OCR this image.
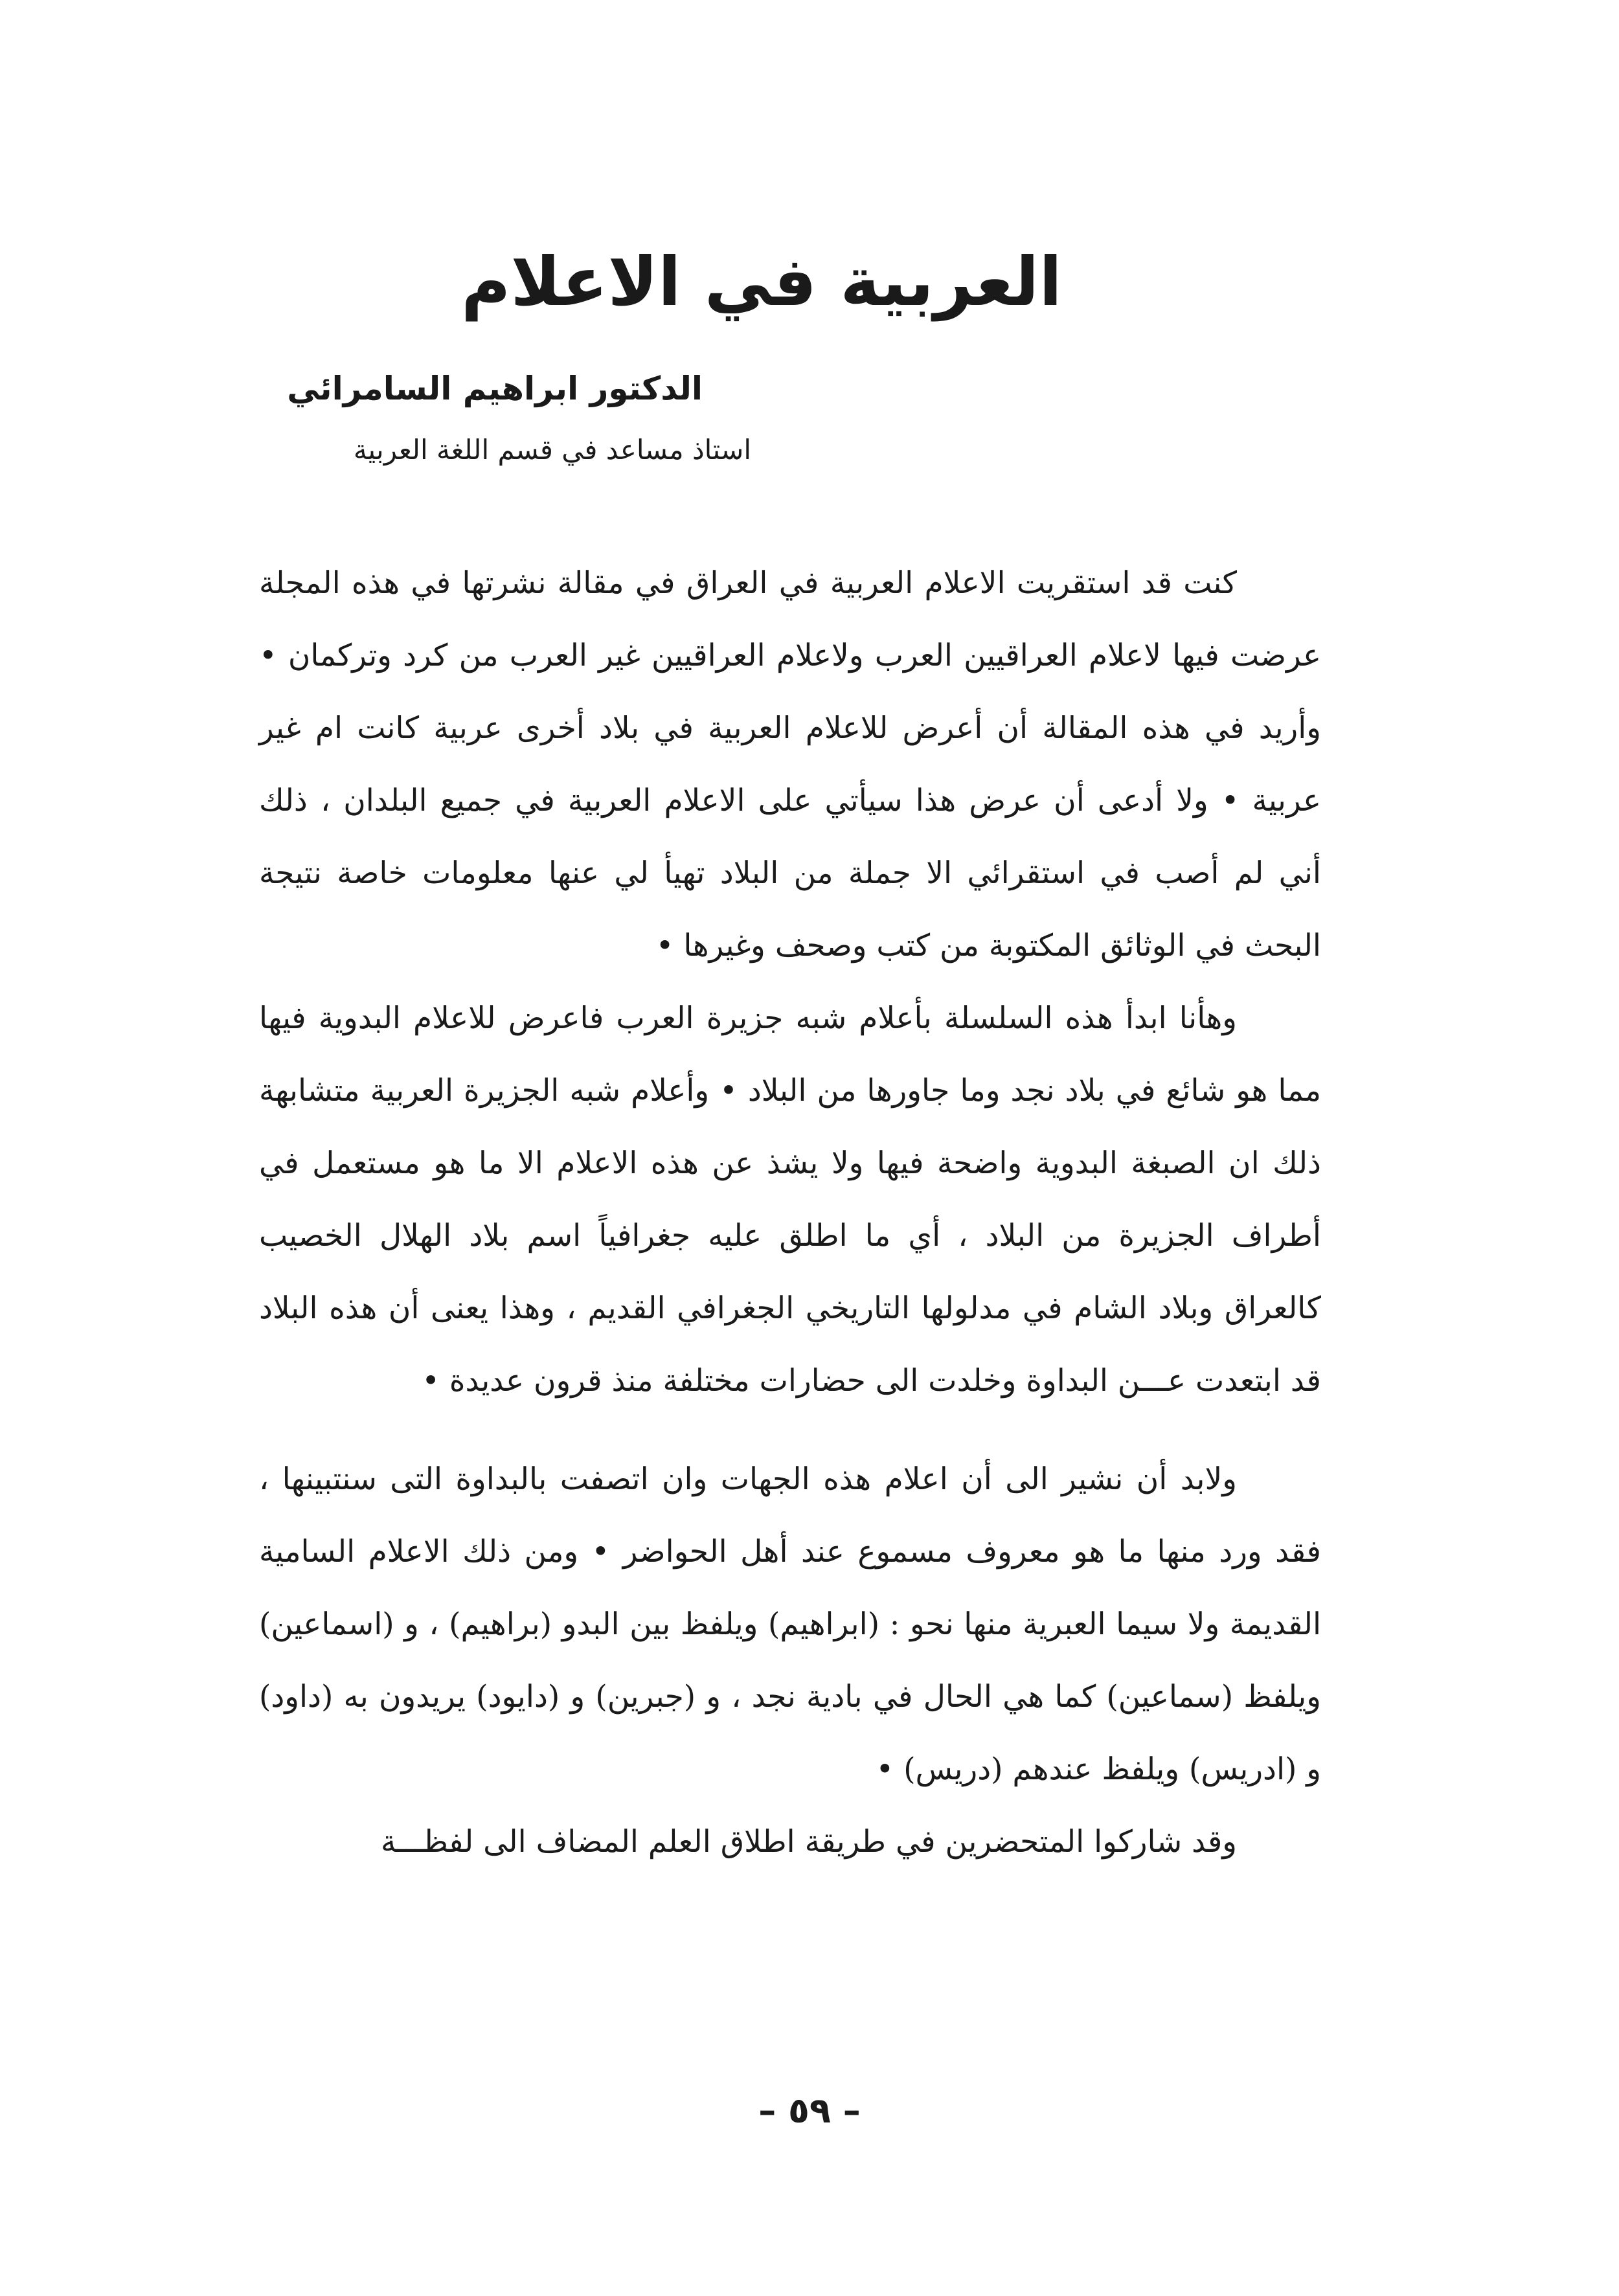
العربية في الاعلام
الدكتور ابراهيم السامرائي
استاذ مساعد في قسم اللغة العربية

كنت قد استقريت الاعلام العربية في العراق في مقالة نشرتها في هذه المجلة عرضت فيها لاعلام العراقيين العرب ولاعلام العراقيين غير العرب من كرد وتركمان • وأريد في هذه المقالة أن أعرض للاعلام العربية في بلاد أخرى عربية كانت ام غير عربية • ولا أدعى أن عرض هذا سيأتي على الاعلام العربية في جميع البلدان ، ذلك أني لم أصب في استقرائي الا جملة من البلاد تهيأ لي عنها معلومات خاصة نتيجة البحث في الوثائق المكتوبة من كتب وصحف وغيرها •

وهأنا ابدأ هذه السلسلة بأعلام شبه جزيرة العرب فاعرض للاعلام البدوية فيها مما هو شائع في بلاد نجد وما جاورها من البلاد • وأعلام شبه الجزيرة العربية متشابهة ذلك ان الصبغة البدوية واضحة فيها ولا يشذ عن هذه الاعلام الا ما هو مستعمل في أطراف الجزيرة من البلاد ، أي ما اطلق عليه جغرافياً اسم بلاد الهلال الخصيب كالعراق وبلاد الشام في مدلولها التاريخي الجغرافي القديم ، وهذا يعنى أن هذه البلاد قد ابتعدت عـــن البداوة وخلدت الى حضارات مختلفة منذ قرون عديدة •

ولابد أن نشير الى أن اعلام هذه الجهات وان اتصفت بالبداوة التى سنتبينها ، فقد ورد منها ما هو معروف مسموع عند أهل الحواضر • ومن ذلك الاعلام السامية القديمة ولا سيما العبرية منها نحو : (ابراهيم) ويلفظ بين البدو (براهيم) ، و (اسماعين) ويلفظ (سماعين) كما هي الحال في بادية نجد ، و (جبرين) و (دايود) يريدون به (داود) و (ادريس) ويلفظ عندهم (دريس) •

وقد شاركوا المتحضرين في طريقة اطلاق العلم المضاف الى لفظـــة

– ٥٩ –
